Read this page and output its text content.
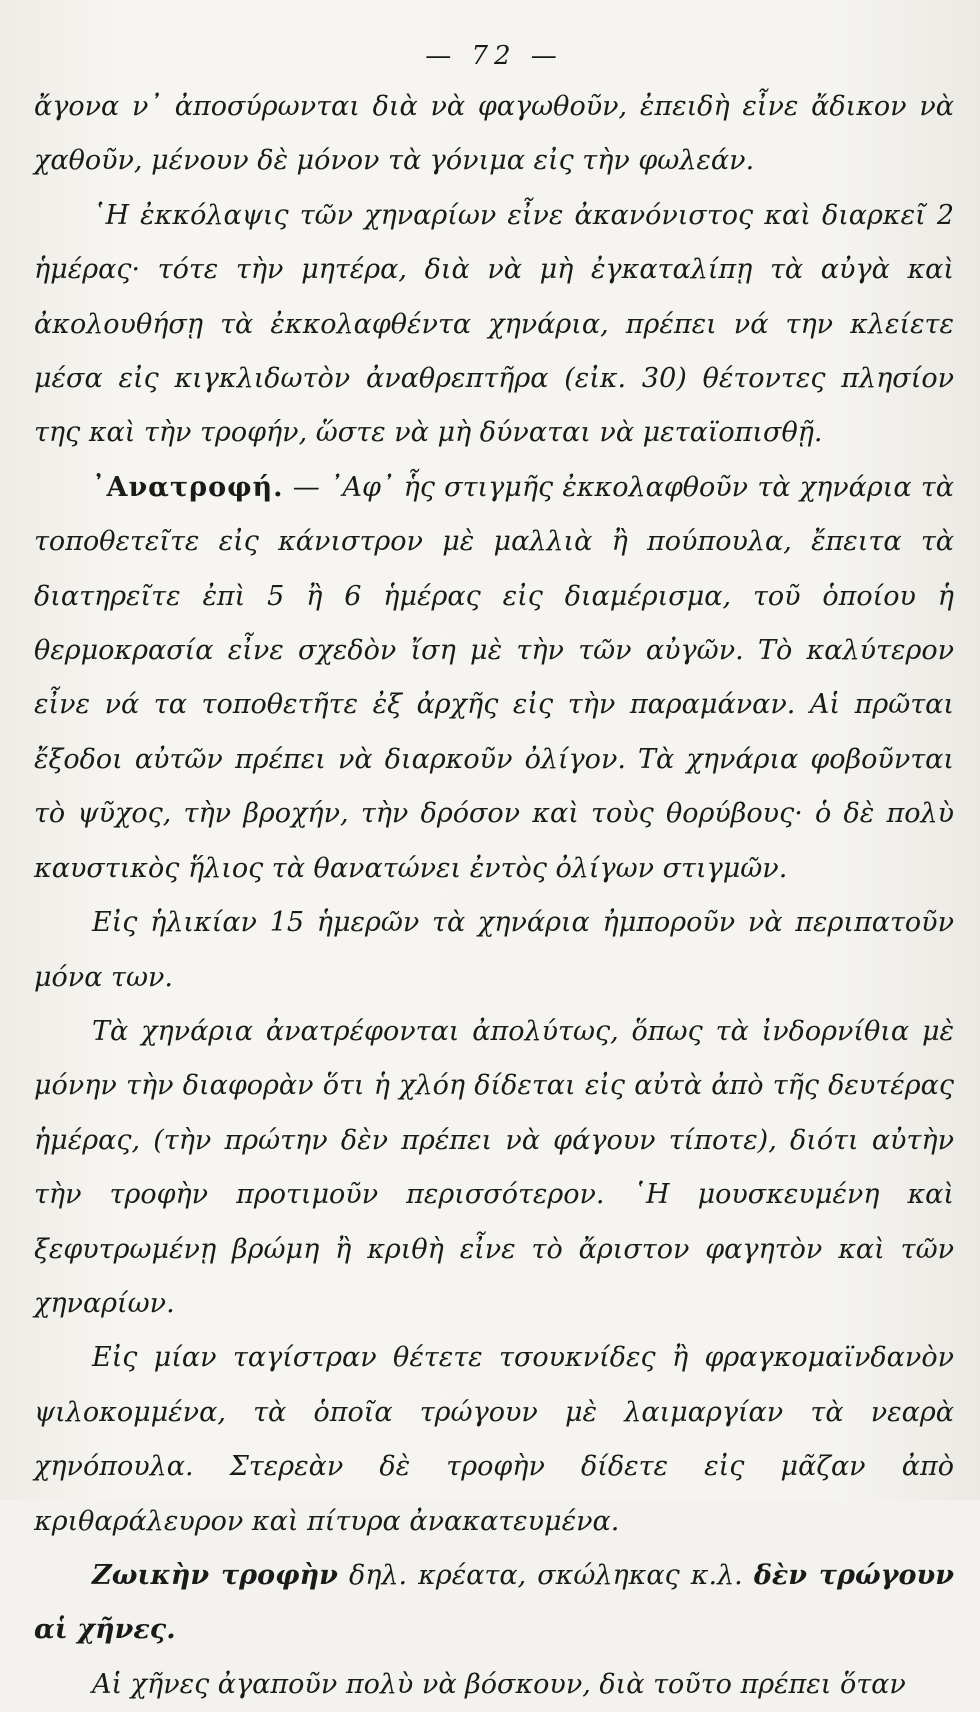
— 72 —

ἄγονα ν᾽ ἀποσύρωνται διὰ νὰ φαγωθοῦν, ἐπειδὴ εἶνε ἄδικον νὰ χαθοῦν, μένουν δὲ μόνον τὰ γόνιμα εἰς τὴν φωλεάν.

῾Η ἐκκόλαψις τῶν χηναρίων εἶνε ἀκανόνιστος καὶ διαρκεῖ 2 ἡμέρας· τότε τὴν μητέρα, διὰ νὰ μὴ ἐγκαταλίπῃ τὰ αὐγὰ καὶ ἀκολουθήσῃ τὰ ἐκκολαφθέντα χηνάρια, πρέπει νά την κλείετε μέσα εἰς κιγκλιδωτὸν ἀναθρεπτῆρα (εἰκ. 30) θέτοντες πλησίον της καὶ τὴν τροφήν, ὥστε νὰ μὴ δύναται νὰ μεταϊοπισθῇ.

᾽Ανατροφή. — ᾽Αφ᾽ ἧς στιγμῆς ἐκκολαφθοῦν τὰ χηνάρια τὰ τοποθετεῖτε εἰς κάνιστρον μὲ μαλλιὰ ἢ πούπουλα, ἔπειτα τὰ διατηρεῖτε ἐπὶ 5 ἢ 6 ἡμέρας εἰς διαμέρισμα, τοῦ ὁποίου ἡ θερμοκρασία εἶνε σχεδὸν ἴση μὲ τὴν τῶν αὐγῶν. Τὸ καλύτερον εἶνε νά τα τοποθετῆτε ἐξ ἀρχῆς εἰς τὴν παραμάναν. Αἱ πρῶται ἔξοδοι αὐτῶν πρέπει νὰ διαρκοῦν ὀλίγον. Τὰ χηνάρια φοβοῦνται τὸ ψῦχος, τὴν βροχήν, τὴν δρόσον καὶ τοὺς θορύβους· ὁ δὲ πολὺ καυστικὸς ἥλιος τὰ θανατώνει ἐντὸς ὀλίγων στιγμῶν.

Εἰς ἡλικίαν 15 ἡμερῶν τὰ χηνάρια ἠμποροῦν νὰ περιπατοῦν μόνα των.

Τὰ χηνάρια ἀνατρέφονται ἀπολύτως, ὅπως τὰ ἰνδορνίθια μὲ μόνην τὴν διαφορὰν ὅτι ἡ χλόη δίδεται εἰς αὐτὰ ἀπὸ τῆς δευτέρας ἡμέρας, (τὴν πρώτην δὲν πρέπει νὰ φάγουν τίποτε), διότι αὐτὴν τὴν τροφὴν προτιμοῦν περισσότερον. ῾Η μουσκευμένη καὶ ξεφυτρωμένῃ βρώμη ἢ κριθὴ εἶνε τὸ ἄριστον φαγητὸν καὶ τῶν χηναρίων.

Εἰς μίαν ταγίστραν θέτετε τσουκνίδες ἢ φραγκομαϊνδανὸν ψιλοκομμένα, τὰ ὁποῖα τρώγουν μὲ λαιμαργίαν τὰ νεαρὰ χηνόπουλα. Στερεὰν δὲ τροφὴν δίδετε εἰς μᾶζαν ἀπὸ κριθαράλευρον καὶ πίτυρα ἀνακατευμένα.

Ζωικὴν τροφὴν δηλ. κρέατα, σκώληκας κ.λ. δὲν τρώγουν αἱ χῆνες.

Αἱ χῆνες ἀγαποῦν πολὺ νὰ βόσκουν, διὰ τοῦτο πρέπει ὅταν
